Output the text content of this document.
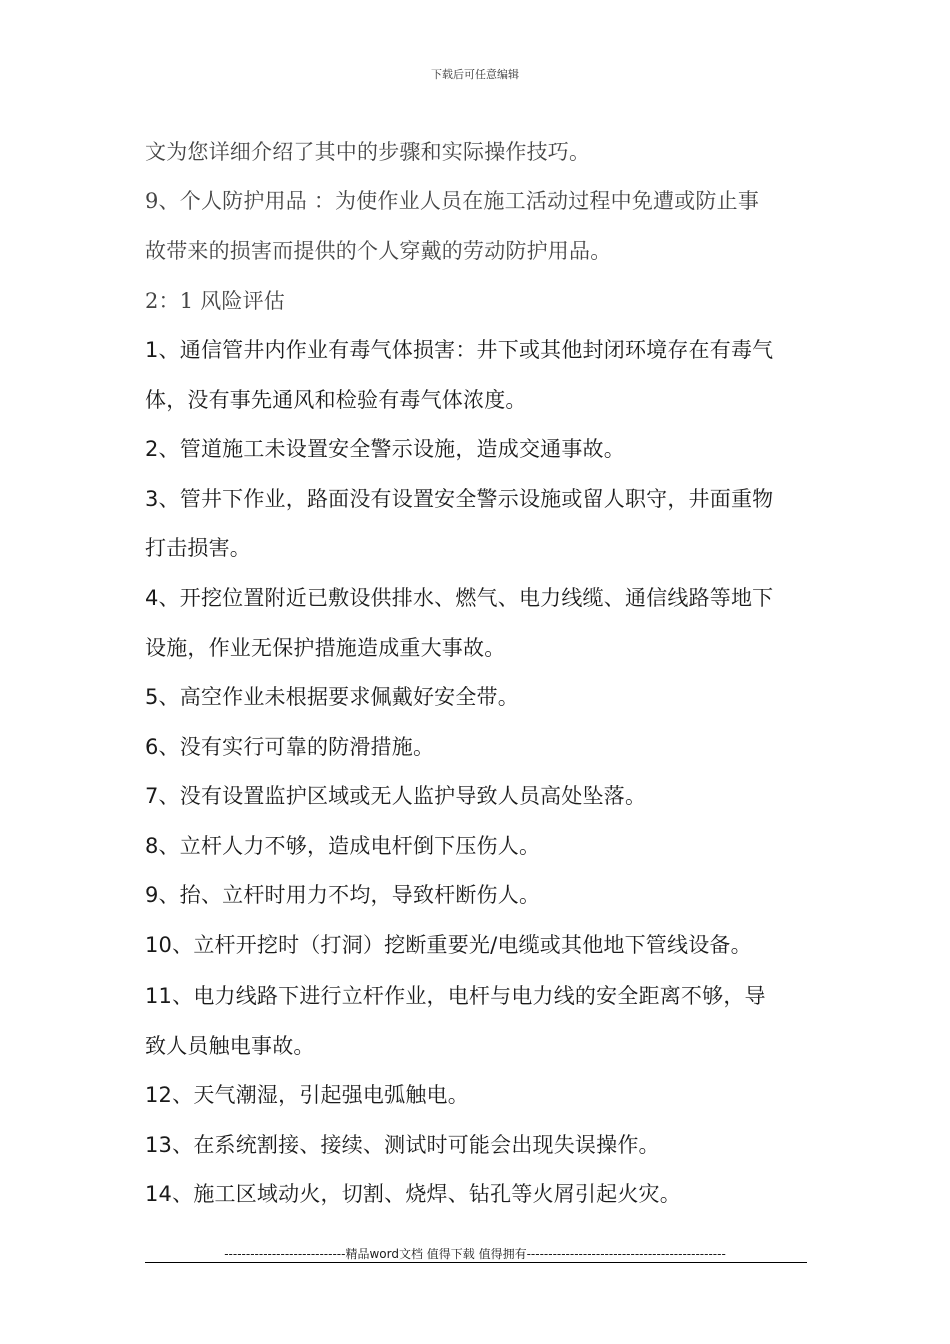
下载后可任意编辑
文为您详细介绍了其中的步骤和实际操作技巧。
9、个人防护用品 ：为使作业人员在施工活动过程中免遭或防止事
故带来的损害而提供的个人穿戴的劳动防护用品。
2：1 风险评估
1、通信管井内作业有毒气体损害：井下或其他封闭环境存在有毒气
体，没有事先通风和检验有毒气体浓度。
2、管道施工未设置安全警示设施，造成交通事故。
3、管井下作业，路面没有设置安全警示设施或留人职守，井面重物
打击损害。
4、开挖位置附近已敷设供排水、燃气、电力线缆、通信线路等地下
设施，作业无保护措施造成重大事故。
5、高空作业未根据要求佩戴好安全带。
6、没有实行可靠的防滑措施。
7、没有设置监护区域或无人监护导致人员高处坠落。
8、立杆人力不够，造成电杆倒下压伤人。
9、抬、立杆时用力不均，导致杆断伤人。
10、立杆开挖时（打洞）挖断重要光/电缆或其他地下管线设备。
11、电力线路下进行立杆作业，电杆与电力线的安全距离不够，导
致人员触电事故。
12、天气潮湿，引起强电弧触电。
13、在系统割接、接续、测试时可能会出现失误操作。
14、施工区域动火，切割、烧焊、钻孔等火屑引起火灾。
----------------------------精品word文档 值得下载 值得拥有----------------------------------------------
